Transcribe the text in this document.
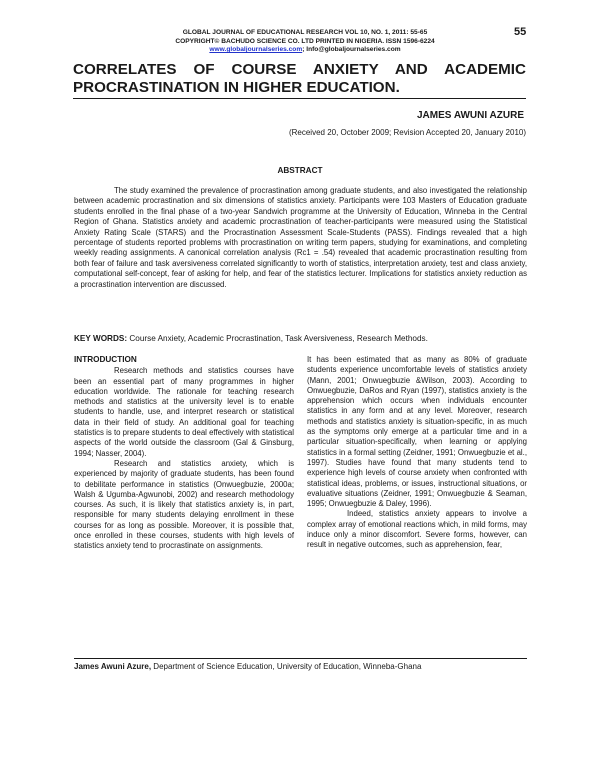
55
GLOBAL JOURNAL OF EDUCATIONAL RESEARCH VOL 10, NO. 1, 2011: 55-65
COPYRIGHT© BACHUDO SCIENCE CO. LTD PRINTED IN NIGERIA. ISSN 1596-6224
www.globaljournalseries.com; Info@globaljournalseries.com
CORRELATES OF COURSE ANXIETY AND ACADEMIC PROCRASTINATION IN HIGHER EDUCATION.
JAMES AWUNI AZURE
(Received 20, October 2009; Revision Accepted 20, January 2010)
ABSTRACT

The study examined the prevalence of procrastination among graduate students, and also investigated the relationship between academic procrastination and six dimensions of statistics anxiety. Participants were 103 Masters of Education graduate students enrolled in the final phase of a two-year Sandwich programme at the University of Education, Winneba in the Central Region of Ghana. Statistics anxiety and academic procrastination of teacher-participants were measured using the Statistical Anxiety Rating Scale (STARS) and the Procrastination Assessment Scale-Students (PASS). Findings revealed that a high percentage of students reported problems with procrastination on writing term papers, studying for examinations, and completing weekly reading assignments. A canonical correlation analysis (Rc1 = .54) revealed that academic procrastination resulting from both fear of failure and task aversiveness correlated significantly to worth of statistics, interpretation anxiety, test and class anxiety, computational self-concept, fear of asking for help, and fear of the statistics lecturer. Implications for statistics anxiety reduction as a procrastination intervention are discussed.

KEY WORDS: Course Anxiety, Academic Procrastination, Task Aversiveness, Research Methods.
INTRODUCTION

Research methods and statistics courses have been an essential part of many programmes in higher education worldwide. The rationale for teaching research methods and statistics at the university level is to enable students to handle, use, and interpret research or statistical data in their field of study. An additional goal for teaching statistics is to prepare students to deal effectively with statistical aspects of the world outside the classroom (Gal & Ginsburg, 1994; Nasser, 2004).

Research and statistics anxiety, which is experienced by majority of graduate students, has been found to debilitate performance in statistics (Onwuegbuzie, 2000a; Walsh & Ugumba-Agwunobi, 2002) and research methodology courses. As such, it is likely that statistics anxiety is, in part, responsible for many students delaying enrollment in these courses for as long as possible. Moreover, it is possible that, once enrolled in these courses, students with high levels of statistics anxiety tend to procrastinate on assignments.

It has been estimated that as many as 80% of graduate students experience uncomfortable levels of statistics anxiety (Mann, 2001; Onwuegbuzie &Wilson, 2003). According to Onwuegbuzie, DaRos and Ryan (1997), statistics anxiety is the apprehension which occurs when individuals encounter statistics in any form and at any level. Moreover, research methods and statistics anxiety is situation-specific, in as much as the symptoms only emerge at a particular time and in a particular situation-specifically, when learning or applying statistics in a formal setting (Zeidner, 1991; Onwuegbuzie et al., 1997). Studies have found that many students tend to experience high levels of course anxiety when confronted with statistical ideas, problems, or issues, instructional situations, or evaluative situations (Zeidner, 1991; Onwuegbuzie & Seaman, 1995; Onwuegbuzie & Daley, 1996).

Indeed, statistics anxiety appears to involve a complex array of emotional reactions which, in mild forms, may induce only a minor discomfort. Severe forms, however, can result in negative outcomes, such as apprehension, fear,

James Awuni Azure, Department of Science Education, University of Education, Winneba-Ghana
